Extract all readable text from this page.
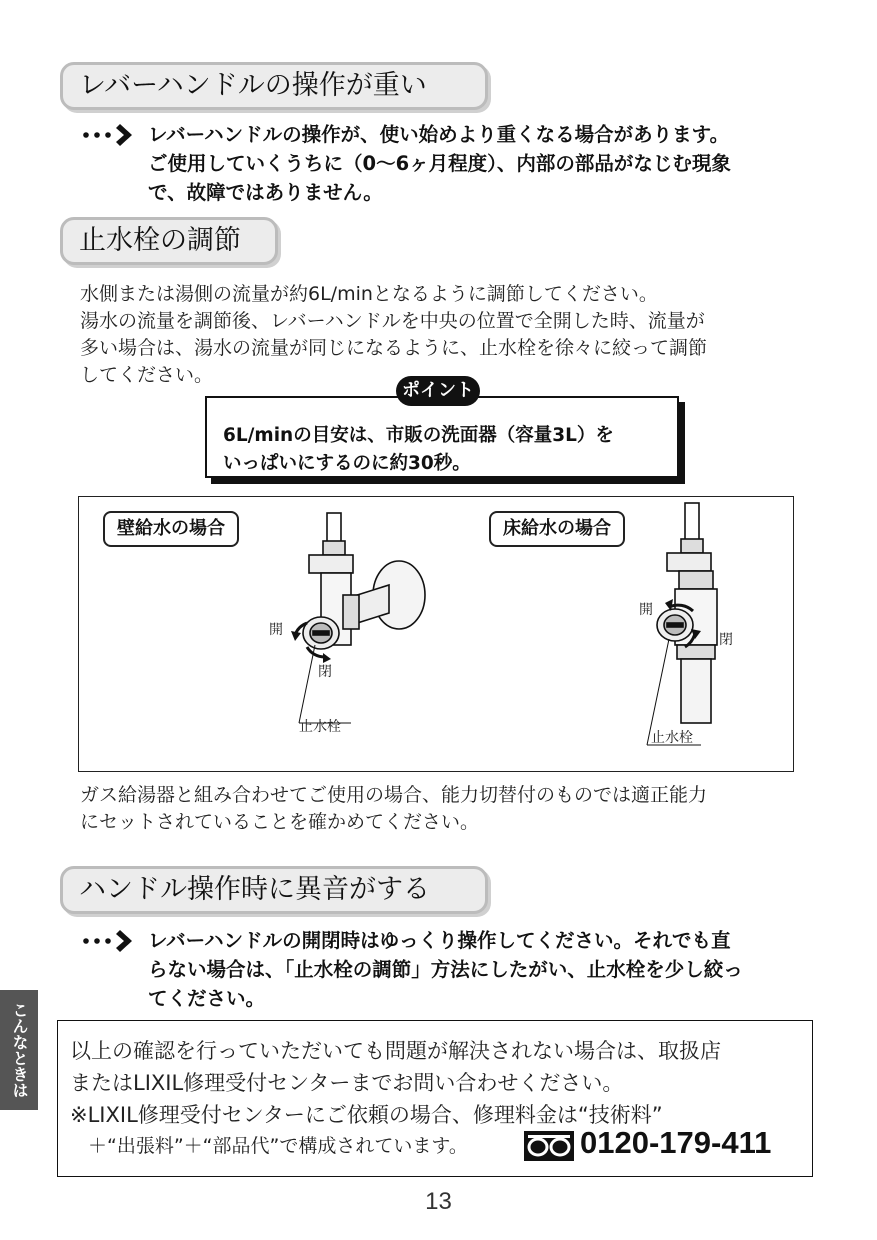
レバーハンドルの操作が重い
レバーハンドルの操作が、使い始めより重くなる場合があります。
ご使用していくうちに（0～6ヶ月程度）、内部の部品がなじむ現象
で、故障ではありません。
止水栓の調節
水側または湯側の流量が約6L/minとなるように調節してください。
湯水の流量を調節後、レバーハンドルを中央の位置で全開した時、流量が
多い場合は、湯水の流量が同じになるように、止水栓を徐々に絞って調節
してください。
6L/minの目安は、市販の洗面器（容量3L）を
いっぱいにするのに約30秒。
ポイント
壁給水の場合	床給水の場合
開
閉
止水栓
開
閉
止水栓
ガス給湯器と組み合わせてご使用の場合、能力切替付のものでは適正能力
にセットされていることを確かめてください。
ハンドル操作時に異音がする
レバーハンドルの開閉時はゆっくり操作してください。それでも直
らない場合は、「止水栓の調節」方法にしたがい、止水栓を少し絞っ
てください。
こんなときは	以上の確認を行っていただいても問題が解決されない場合は、取扱店
またはLIXIL修理受付センターまでお問い合わせください。
※LIXIL修理受付センターにご依頼の場合、修理料金は“技術料”
＋“出張料”＋“部品代”で構成されています。	0120-179-411
13
